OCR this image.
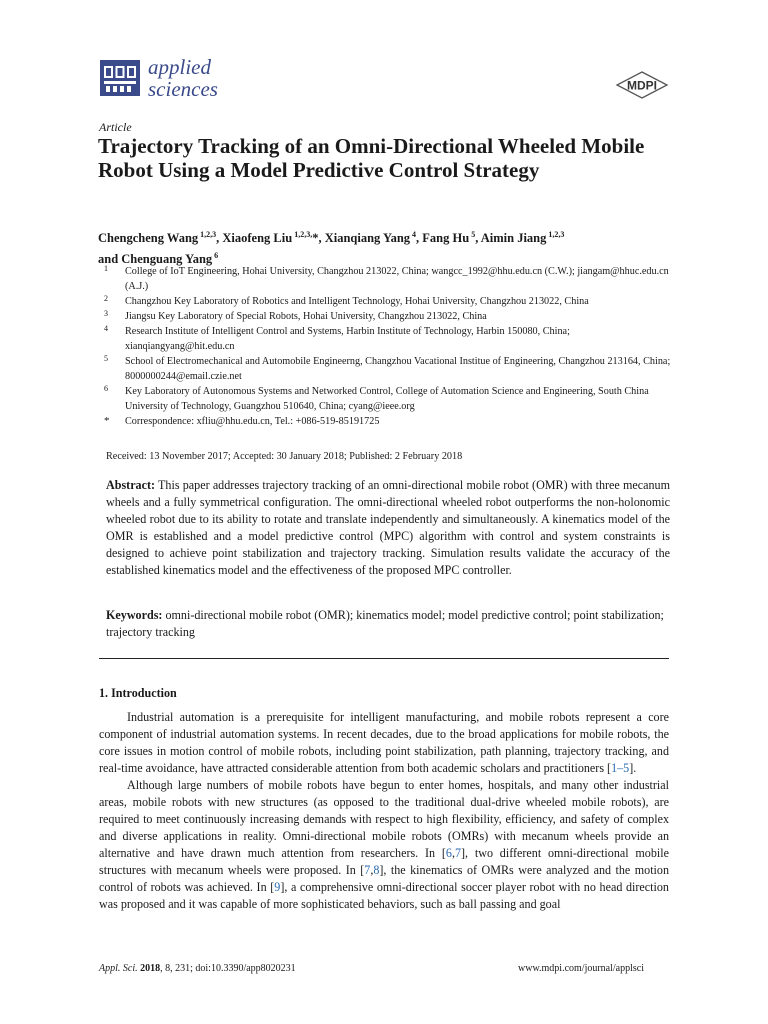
applied
sciences	MDPI
Article
Trajectory Tracking of an Omni-Directional Wheeled Mobile Robot Using a Model Predictive Control Strategy
Chengcheng Wang $^{1,2,3}$, Xiaofeng Liu $^{1,2,3,}$*, Xianqiang Yang $^4$, Fang Hu $^5$, Aimin Jiang $^{1,2,3}$
and Chenguang Yang $^6$
1 College of IoT Engineering, Hohai University, Changzhou 213022, China; wangcc_1992@hhu.edu.cn (C.W.); jiangam@hhuc.edu.cn (A.J.)
2 Changzhou Key Laboratory of Robotics and Intelligent Technology, Hohai University, Changzhou 213022, China
3 Jiangsu Key Laboratory of Special Robots, Hohai University, Changzhou 213022, China
4 Research Institute of Intelligent Control and Systems, Harbin Institute of Technology, Harbin 150080, China; xianqiangyang@hit.edu.cn
5 School of Electromechanical and Automobile Engineerng, Changzhou Vacational Institue of Engineering, Changzhou 213164, China; 8000000244@email.czie.net
6 Key Laboratory of Autonomous Systems and Networked Control, College of Automation Science and Engineering, South China University of Technology, Guangzhou 510640, China; cyang@ieee.org
* Correspondence: xfliu@hhu.edu.cn, Tel.: +086-519-85191725
Received: 13 November 2017; Accepted: 30 January 2018; Published: 2 February 2018
Abstract: This paper addresses trajectory tracking of an omni-directional mobile robot (OMR) with three mecanum wheels and a fully symmetrical configuration. The omni-directional wheeled robot outperforms the non-holonomic wheeled robot due to its ability to rotate and translate independently and simultaneously. A kinematics model of the OMR is established and a model predictive control (MPC) algorithm with control and system constraints is designed to achieve point stabilization and trajectory tracking. Simulation results validate the accuracy of the established kinematics model and the effectiveness of the proposed MPC controller.
Keywords: omni-directional mobile robot (OMR); kinematics model; model predictive control; point stabilization; trajectory tracking
1. Introduction

Industrial automation is a prerequisite for intelligent manufacturing, and mobile robots represent a core component of industrial automation systems. In recent decades, due to the broad applications for mobile robots, the core issues in motion control of mobile robots, including point stabilization, path planning, trajectory tracking, and real-time avoidance, have attracted considerable attention from both academic scholars and practitioners [1–5].

Although large numbers of mobile robots have begun to enter homes, hospitals, and many other industrial areas, mobile robots with new structures (as opposed to the traditional dual-drive wheeled mobile robots), are required to meet continuously increasing demands with respect to high flexibility, efficiency, and safety of complex and diverse applications in reality. Omni-directional mobile robots (OMRs) with mecanum wheels provide an alternative and have drawn much attention from researchers. In [6,7], two different omni-directional mobile structures with mecanum wheels were proposed. In [7,8], the kinematics of OMRs were analyzed and the motion control of robots was achieved. In [9], a comprehensive omni-directional soccer player robot with no head direction was proposed and it was capable of more sophisticated behaviors, such as ball passing and goal

Appl. Sci. 2018, 8, 231; doi:10.3390/app8020231	www.mdpi.com/journal/applsci
